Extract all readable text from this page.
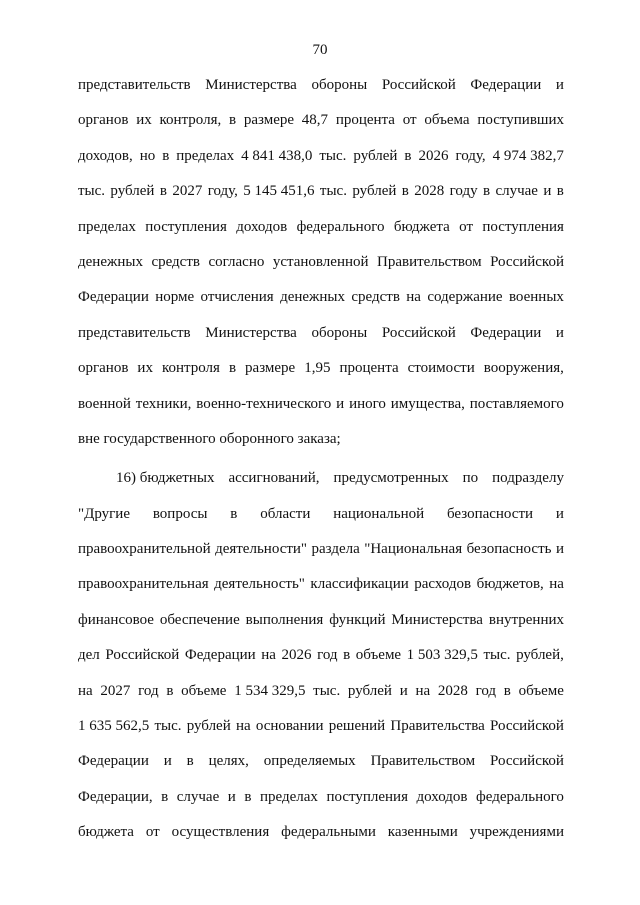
70
представительств Министерства обороны Российской Федерации и
органов их контроля, в размере 48,7 процента от объема поступивших
доходов, но в пределах 4 841 438,0 тыс. рублей в 2026 году, 4 974 382,7
тыс. рублей в 2027 году, 5 145 451,6 тыс. рублей в 2028 году в случае и в
пределах поступления доходов федерального бюджета от поступления
денежных средств согласно установленной Правительством Российской
Федерации норме отчисления денежных средств на содержание военных
представительств Министерства обороны Российской Федерации и
органов их контроля в размере 1,95 процента стоимости вооружения,
военной техники, военно-технического и иного имущества, поставляемого
вне государственного оборонного заказа;
16) бюджетных ассигнований, предусмотренных по подразделу
"Другие вопросы в области национальной безопасности и
правоохранительной деятельности" раздела "Национальная безопасность и
правоохранительная деятельность" классификации расходов бюджетов, на
финансовое обеспечение выполнения функций Министерства внутренних
дел Российской Федерации на 2026 год в объеме 1 503 329,5 тыс. рублей,
на 2027 год в объеме 1 534 329,5 тыс. рублей и на 2028 год в объеме
1 635 562,5 тыс. рублей на основании решений Правительства Российской
Федерации и в целях, определяемых Правительством Российской
Федерации, в случае и в пределах поступления доходов федерального
бюджета от осуществления федеральными казенными учреждениями
